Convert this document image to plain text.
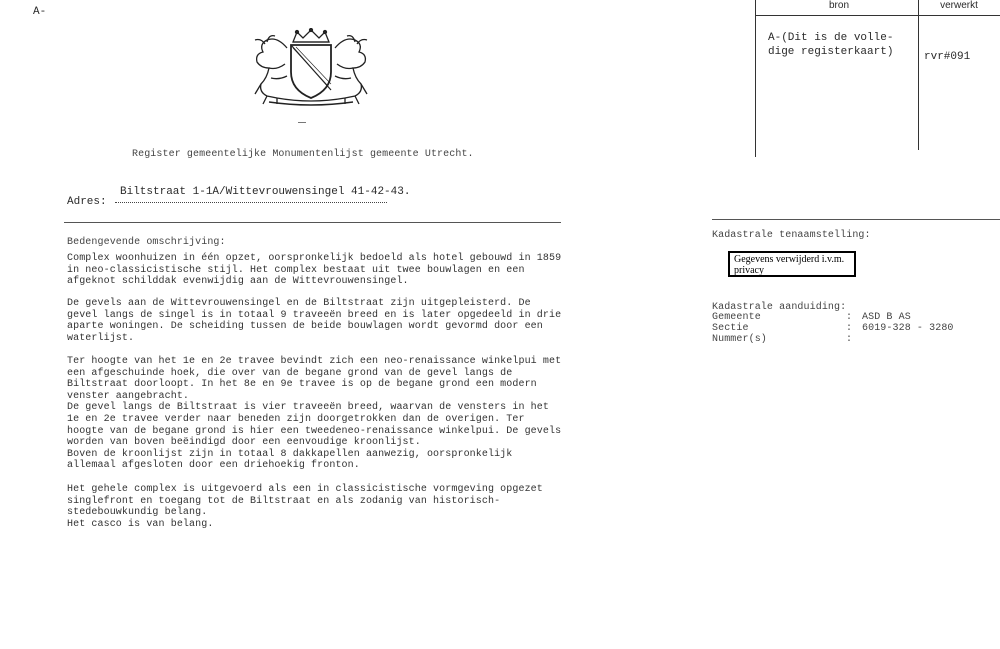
A-
Register gemeentelijke Monumentenlijst gemeente Utrecht.
Adres:
Biltstraat 1-1A/Wittevrouwensingel 41-42-43.
Bedengevende omschrijving:
Complex woonhuizen in één opzet, oorspronkelijk bedoeld als hotel gebouwd in 1859
in neo-classicistische stijl. Het complex bestaat uit twee bouwlagen en een
afgeknot schilddak evenwijdig aan de Wittevrouwensingel.
De gevels aan de Wittevrouwensingel en de Biltstraat zijn uitgepleisterd. De
gevel langs de singel is in totaal 9 traveeën breed en is later opgedeeld in drie
aparte woningen. De scheiding tussen de beide bouwlagen wordt gevormd door een
waterlijst.
Ter hoogte van het 1e en 2e travee bevindt zich een neo-renaissance winkelpui met
een afgeschuinde hoek, die over van de begane grond van de gevel langs de
Biltstraat doorloopt. In het 8e en 9e travee is op de begane grond een modern
venster aangebracht.
De gevel langs de Biltstraat is vier traveeën breed, waarvan de vensters in het
1e en 2e travee verder naar beneden zijn doorgetrokken dan de overigen. Ter
hoogte van de begane grond is hier een tweedeneo-renaissance winkelpui. De gevels
worden van boven beëindigd door een eenvoudige kroonlijst.
Boven de kroonlijst zijn in totaal 8 dakkapellen aanwezig, oorspronkelijk
allemaal afgesloten door een driehoekig fronton.
Het gehele complex is uitgevoerd als een in classicistische vormgeving opgezet
singlefront en toegang tot de Biltstraat en als zodanig van historisch-
stedebouwkundig belang.
Het casco is van belang.
bron	verwerkt
A-(Dit is de volle-
dige registerkaart)	rvr#091
Kadastrale tenaamstelling:
Gegevens verwijderd i.v.m.
privacy
Kadastrale aanduiding:
Gemeente	: ASD B AS
Sectie	: 6019-328 - 3280
Nummer(s)	:
